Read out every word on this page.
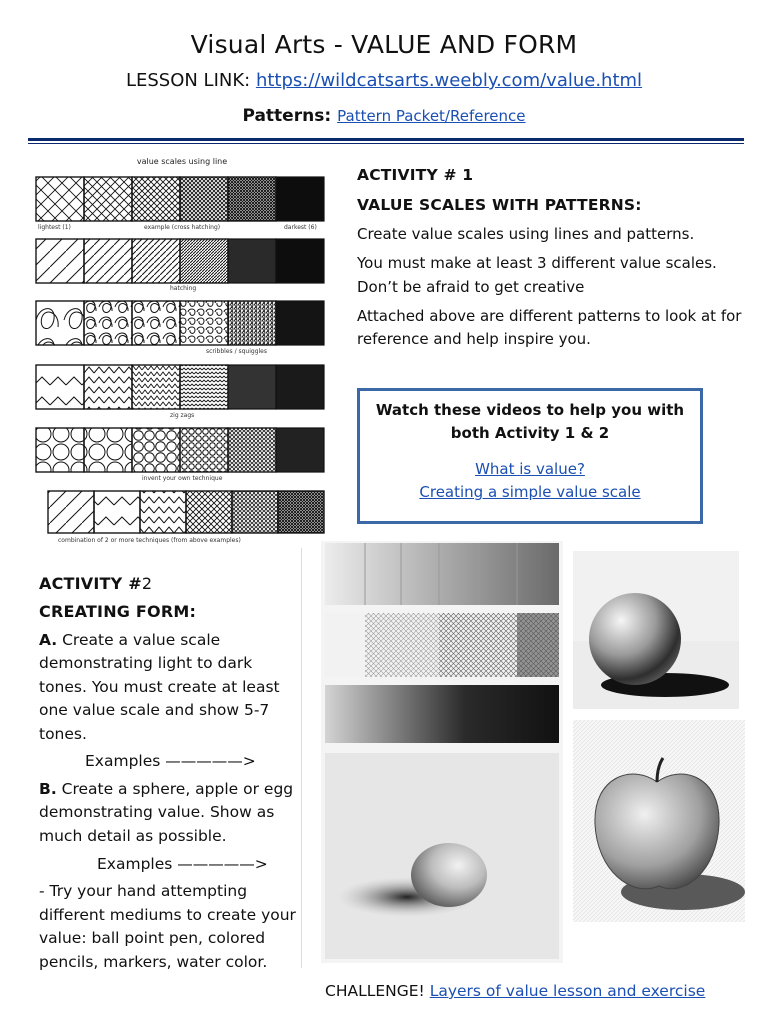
Visual Arts - VALUE AND FORM
LESSON LINK: https://wildcatsarts.weebly.com/value.html
Patterns: Pattern Packet/Reference
value scales using line
lightest (1)	example (cross hatching)	darkest (6)
hatching
scribbles / squiggles
zig zags
invent your own technique
combination of 2 or more techniques (from above examples)

ACTIVITY # 1

VALUE SCALES WITH PATTERNS:

Create value scales using lines and patterns.

You must make at least 3 different value scales. Don’t be afraid to get creative

Attached above are different patterns to look at for reference and help inspire you.

Watch these videos to help you with
both Activity 1 & 2
What is value?
Creating a simple value scale

ACTIVITY #2

CREATING FORM:

A. Create a value scale demonstrating light to dark tones. You must create at least one value scale and show 5-7 tones.

Examples —————>

B. Create a sphere, apple or egg demonstrating value. Show as much detail as possible.

Examples —————>

- Try your hand attempting different mediums to create your value: ball point pen, colored pencils, markers, water color.

CHALLENGE! Layers of value lesson and exercise
